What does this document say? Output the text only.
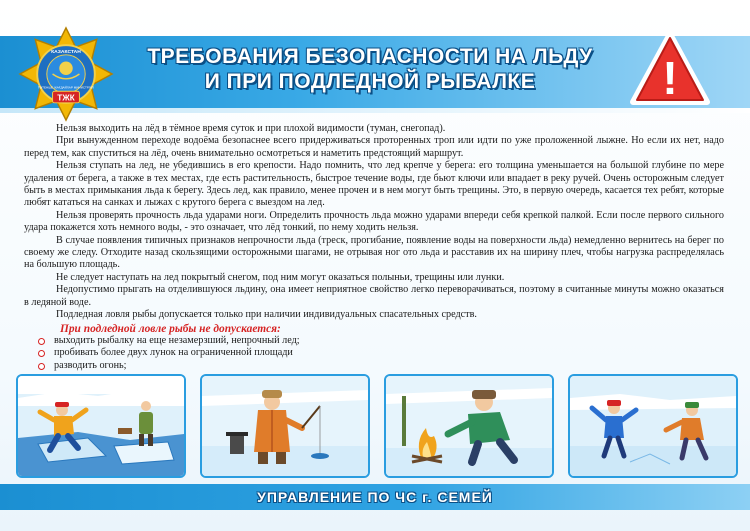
КАЗАКСТАН
ТӨТЕНШЕ ЖАҒДАЙЛАР МИНИСТРЛІГІ
ТЖК
ТРЕБОВАНИЯ БЕЗОПАСНОСТИ НА ЛЬДУ
И ПРИ ПОДЛЕДНОЙ РЫБАЛКЕ	!

Нельзя выходить на лёд в тёмное время суток и при плохой видимости (туман, снегопад).

При вынужденном переходе водоёма безопаснее всего придерживаться проторенных троп или идти по уже проложенной лыжне. Но если их нет, надо перед тем, как спуститься на лёд, очень внимательно осмотреться и наметить предстоящий маршрут.

Нельзя ступать на лед, не убедившись в его крепости. Надо помнить, что лед крепче у берега: его толщина уменьшается на большой глубине по мере удаления от берега, а также в тех местах, где есть растительность, быстрое течение воды, где бьют ключи или впадает в реку ручей. Очень осторожным следует быть в местах примыкания льда к берегу. Здесь лед, как правило, менее прочен и в нем могут быть трещины. Это, в первую очередь, касается тех ребят, которые любят кататься на санках и лыжах с крутого берега с выездом на лед.

Нельзя проверять прочность льда ударами ноги. Определить прочность льда можно ударами впереди себя крепкой палкой. Если после первого сильного удара покажется хоть немного воды, - это означает, что лёд тонкий, по нему ходить нельзя.

В случае появления типичных признаков непрочности льда (треск, прогибание, появление воды на поверхности льда) немедленно вернитесь на берег по своему же следу. Отходите назад скользящими осторожными шагами, не отрывая ног ото льда и расставив их на ширину плеч, чтобы нагрузка распределялась на большую площадь.

Не следует наступать на лед покрытый снегом, под ним могут оказаться полыньи, трещины или лунки.

Недопустимо прыгать на отделившуюся льдину, она имеет неприятное свойство легко переворачиваться, поэтому в считанные минуты можно оказаться в ледяной воде.

Подледная ловля рыбы допускается только при наличии индивидуальных спасательных средств.

При подледной ловле рыбы не допускается:
выходить рыбалку на еще незамерзший, непрочный лед;
пробивать более двух лунок на ограниченной площади
разводить огонь;
УПРАВЛЕНИЕ ПО ЧС г. СЕМЕЙ
